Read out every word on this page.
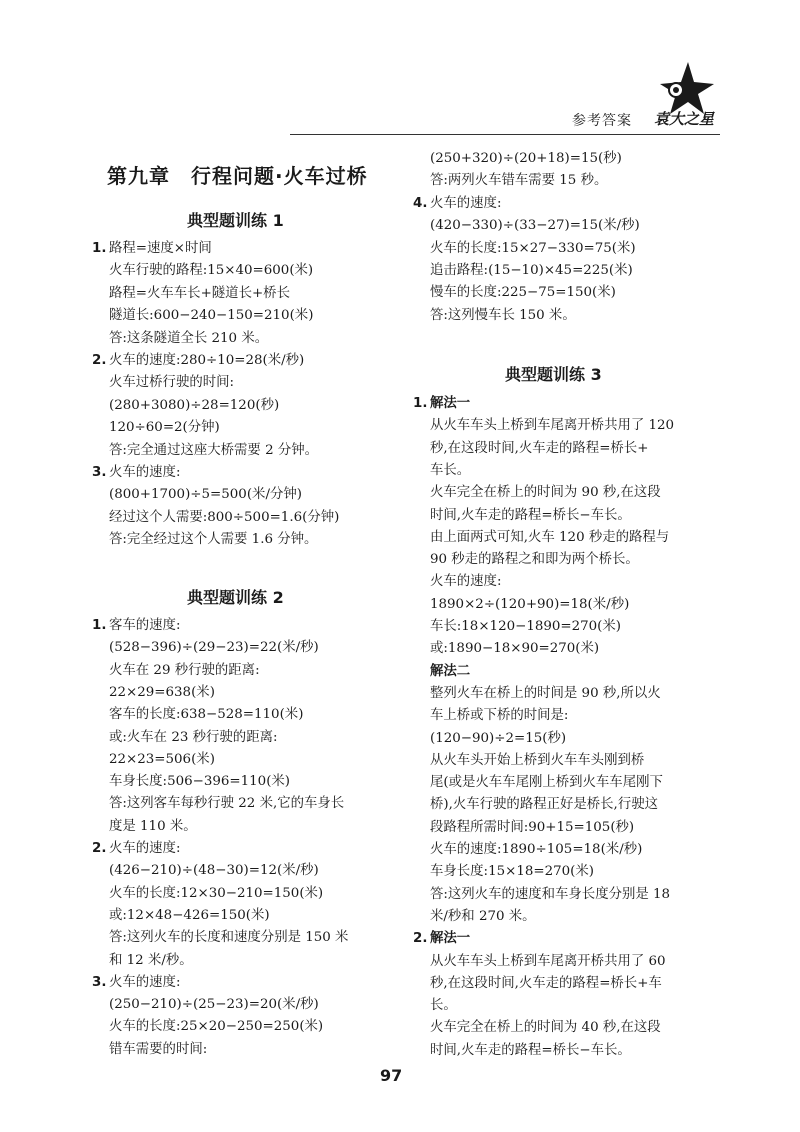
参考答案 袁大之星
第九章　行程问题·火车过桥
典型题训练 1
典型题训练 2
典型题训练 3
1. 路程=速度×时间
火车行驶的路程:15×40=600(米)
路程=火车车长+隧道长+桥长
隧道长:600−240−150=210(米)
答:这条隧道全长 210 米。
2. 火车的速度:280÷10=28(米/秒)
火车过桥行驶的时间:
(280+3080)÷28=120(秒)
120÷60=2(分钟)
答:完全通过这座大桥需要 2 分钟。
3. 火车的速度:
(800+1700)÷5=500(米/分钟)
经过这个人需要:800÷500=1.6(分钟)
答:完全经过这个人需要 1.6 分钟。
1. 客车的速度:
(528−396)÷(29−23)=22(米/秒)
火车在 29 秒行驶的距离:
22×29=638(米)
客车的长度:638−528=110(米)
或:火车在 23 秒行驶的距离:
22×23=506(米)
车身长度:506−396=110(米)
答:这列客车每秒行驶 22 米,它的车身长
度是 110 米。
2. 火车的速度:
(426−210)÷(48−30)=12(米/秒)
火车的长度:12×30−210=150(米)
或:12×48−426=150(米)
答:这列火车的长度和速度分别是 150 米
和 12 米/秒。
3. 火车的速度:
(250−210)÷(25−23)=20(米/秒)
火车的长度:25×20−250=250(米)
错车需要的时间:
(250+320)÷(20+18)=15(秒)
答:两列火车错车需要 15 秒。
4. 火车的速度:
(420−330)÷(33−27)=15(米/秒)
火车的长度:15×27−330=75(米)
追击路程:(15−10)×45=225(米)
慢车的长度:225−75=150(米)
答:这列慢车长 150 米。
1. 解法一
从火车车头上桥到车尾离开桥共用了 120
秒,在这段时间,火车走的路程=桥长+
车长。
火车完全在桥上的时间为 90 秒,在这段
时间,火车走的路程=桥长−车长。
由上面两式可知,火车 120 秒走的路程与
90 秒走的路程之和即为两个桥长。
火车的速度:
1890×2÷(120+90)=18(米/秒)
车长:18×120−1890=270(米)
或:1890−18×90=270(米)
解法二
整列火车在桥上的时间是 90 秒,所以火
车上桥或下桥的时间是:
(120−90)÷2=15(秒)
从火车头开始上桥到火车车头刚到桥
尾(或是火车车尾刚上桥到火车车尾刚下
桥),火车行驶的路程正好是桥长,行驶这
段路程所需时间:90+15=105(秒)
火车的速度:1890÷105=18(米/秒)
车身长度:15×18=270(米)
答:这列火车的速度和车身长度分别是 18
米/秒和 270 米。
2. 解法一
从火车车头上桥到车尾离开桥共用了 60
秒,在这段时间,火车走的路程=桥长+车
长。
火车完全在桥上的时间为 40 秒,在这段
时间,火车走的路程=桥长−车长。
97
